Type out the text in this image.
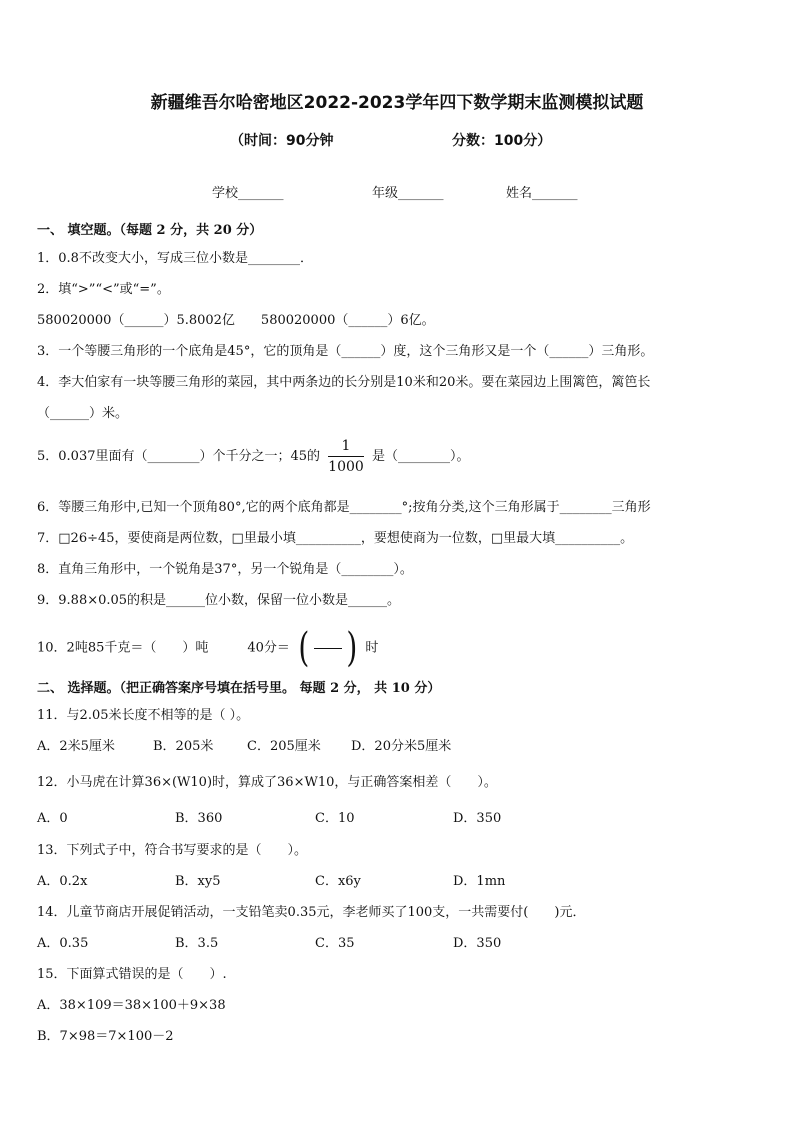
新疆维吾尔哈密地区2022-2023学年四下数学期末监测模拟试题
（时间：90分钟	分数：100分）
学校_______	年级_______	姓名_______
一、 填空题。（每题 2 分，共 20 分）
1．0.8不改变大小，写成三位小数是________．
2．填“>”“<”或“=”。
580020000（______）5.8002亿　　580020000（______）6亿。
3．一个等腰三角形的一个底角是45°，它的顶角是（______）度，这个三角形又是一个（______）三角形。
4．李大伯家有一块等腰三角形的菜园，其中两条边的长分别是10米和20米。要在菜园边上围篱笆，篱笆长
（______）米。
5．0.037里面有（________）个千分之一；45的 $\frac{1}{1000}$ 是（________）。
6．等腰三角形中,已知一个顶角80°,它的两个底角都是________°;按角分类,这个三角形属于________三角形
7．□26÷45，要使商是两位数，□里最小填__________，要想使商为一位数，□里最大填__________。
8．直角三角形中，一个锐角是37°，另一个锐角是（________）。
9．9.88×0.05的积是______位小数，保留一位小数是______。
10．2吨85千克＝（　　）吨　　　40分＝ ( ) 时
二、 选择题。（把正确答案序号填在括号里。 每题 2 分， 共 10 分）
11．与2.05米长度不相等的是（ ）。
A．2米5厘米	B．205米	C．205厘米 D．20分米5厘米
12．小马虎在计算36×(W10)时，算成了36×W10，与正确答案相差（　　）。
A．0	B．360	C．10	D．350
13．下列式子中，符合书写要求的是（　　）。
A．0.2x	B．xy5	C．x6y	D．1mn
14．儿童节商店开展促销活动，一支铅笔卖0.35元，李老师买了100支，一共需要付(　　)元．
A．0.35	B．3.5	C．35	D．350
15．下面算式错误的是（　　）.
A．38×109＝38×100＋9×38
B．7×98＝7×100－2
